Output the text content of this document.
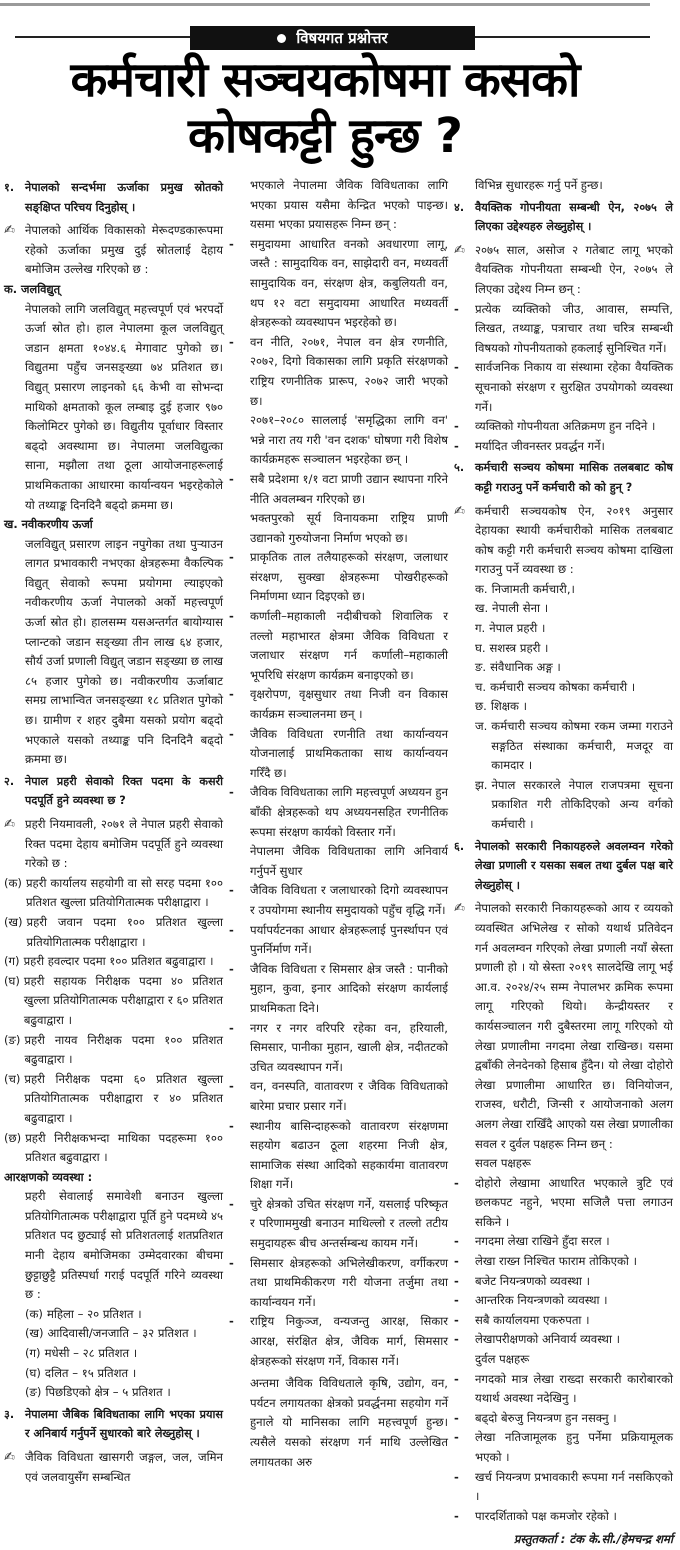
विषयगत प्रश्नोत्तर
कर्मचारी सञ्चयकोषमा कसको
कोषकट्टी हुन्छ ?
१. नेपालको सन्दर्भमा ऊर्जाका प्रमुख स्रोतको सङ्क्षिप्त परिचय दिनुहोस् ।
✍ नेपालको आर्थिक विकासको मेरूदण्डकारूपमा रहेको ऊर्जाका प्रमुख दुई स्रोतलाई देहाय बमोजिम उल्लेख गरिएको छ :

क. जलविद्युत्

नेपालको लागि जलविद्युत् महत्त्वपूर्ण एवं भरपर्दो ऊर्जा स्रोत हो। हाल नेपालमा कूल जलविद्युत् जडान क्षमता १०४४.६ मेगावाट पुगेको छ। विद्युतमा पहुँच जनसङ्ख्या ७४ प्रतिशत छ। विद्युत् प्रसारण लाइनको ६६ केभी वा सोभन्दा माथिको क्षमताको कूल लम्बाइ दुई हजार ९७० किलोमिटर पुगेको छ। विद्युतीय पूर्वाधार विस्तार बढ्दो अवस्थामा छ। नेपालमा जलविद्युत्का साना, मझौला तथा ठूला आयोजनाहरूलाई प्राथमिकताका आधारमा कार्यान्वयन भइरहेकोले यो तथ्याङ्क दिनदिनै बढ्दो क्रममा छ।

ख. नवीकरणीय ऊर्जा

जलविद्युत् प्रसारण लाइन नपुगेका तथा पुर्‍याउन लागत प्रभावकारी नभएका क्षेत्रहरूमा वैकल्पिक विद्युत् सेवाको रूपमा प्रयोगमा ल्याइएको नवीकरणीय ऊर्जा नेपालको अर्को महत्त्वपूर्ण ऊर्जा स्रोत हो। हालसम्म यसअन्तर्गत बायोग्यास प्लान्टको जडान सङ्ख्या तीन लाख ६४ हजार, सौर्य उर्जा प्रणाली विद्युत् जडान सङ्ख्या छ लाख ८५ हजार पुगेको छ। नवीकरणीय ऊर्जाबाट समग्र लाभान्वित जनसङ्ख्या १८ प्रतिशत पुगेको छ। ग्रामीण र शहर दुबैमा यसको प्रयोग बढ्दो भएकाले यसको तथ्याङ्क पनि दिनदिनै बढ्दो क्रममा छ।

२. नेपाल प्रहरी सेवाको रिक्त पदमा के कसरी पदपूर्ति हुने व्यवस्था छ ?
✍ प्रहरी नियमावली, २०७१ ले नेपाल प्रहरी सेवाको रिक्त पदमा देहाय बमोजिम पदपूर्ति हुने व्यवस्था गरेको छ :

(क) प्रहरी कार्यालय सहयोगी वा सो सरह पदमा १०० प्रतिशत खुल्ला प्रतियोगितात्मक परीक्षाद्वारा ।
(ख) प्रहरी जवान पदमा १०० प्रतिशत खुल्ला प्रतियोगितात्मक परीक्षाद्वारा ।
(ग) प्रहरी हवल्दार पदमा १०० प्रतिशत बढुवाद्वारा ।
(घ) प्रहरी सहायक निरीक्षक पदमा ४० प्रतिशत खुल्ला प्रतियोगितात्मक परीक्षाद्वारा र ६० प्रतिशत बढुवाद्वारा ।
(ङ) प्रहरी नायव निरीक्षक पदमा १०० प्रतिशत बढुवाद्वारा ।
(च) प्रहरी निरीक्षक पदमा ६० प्रतिशत खुल्ला प्रतियोगितात्मक परीक्षाद्वारा र ४० प्रतिशत बढुवाद्वारा ।
(छ) प्रहरी निरीक्षकभन्दा माथिका पदहरूमा १०० प्रतिशत बढुवाद्वारा ।
आरक्षणको व्यवस्था :

प्रहरी सेवालाई समावेशी बनाउन खुल्ला प्रतियोगितात्मक परीक्षाद्वारा पूर्ति हुने पदमध्ये ४५ प्रतिशत पद छुट्याई सो प्रतिशतलाई शतप्रतिशत मानी देहाय बमोजिमका उम्मेदवारका बीचमा छुट्टाछुट्टै प्रतिस्पर्धा गराई पदपूर्ति गरिने व्यवस्था छ :

(क) महिला – २० प्रतिशत ।
(ख) आदिवासी/जनजाति – ३२ प्रतिशत ।
(ग) मधेसी – २८ प्रतिशत ।
(घ) दलित – १५ प्रतिशत ।
(ङ) पिछडिएको क्षेत्र – ५ प्रतिशत ।
३. नेपालमा जैबिक बिविधताका लागि भएका प्रयास र अनिबार्य गर्नुपर्ने सुधारको बारे लेख्नुहोस् ।
✍ जैविक विविधता खासगरी जङ्गल, जल, जमिन एवं जलवायुसँग सम्बन्धित

भएकाले नेपालमा जैविक विविधताका लागि भएका प्रयास यसैमा केन्द्रित भएको पाइन्छ। यसमा भएका प्रयासहरू निम्न छन् :

-	समुदायमा आधारित वनको अवधारणा लागू, जस्तै : सामुदायिक वन, साझेदारी वन, मध्यवर्ती सामुदायिक वन, संरक्षण क्षेत्र, कबुलियती वन, थप १२ वटा समुदायमा आधारित मध्यवर्ती क्षेत्रहरूको व्यवस्थापन भइरहेको छ।
-	वन नीति, २०७१, नेपाल वन क्षेत्र रणनीति, २०७२, दिगो विकासका लागि प्रकृति संरक्षणको राष्ट्रिय रणनीतिक प्रारूप, २०७२ जारी भएको छ।

२०७१–२०८० साललाई 'समृद्धिका लागि वन' भन्ने नारा तय गरी 'वन दशक' घोषणा गरी विशेष कार्यक्रमहरू सञ्चालन भइरहेका छन् ।

-	सबै प्रदेशमा १/१ वटा प्राणी उद्यान स्थापना गरिने नीति अवलम्बन गरिएको छ।

भक्तपुरको सूर्य विनायकमा राष्ट्रिय प्राणी उद्यानको गुरुयोजना निर्माण भएको छ।

-	प्राकृतिक ताल तलैयाहरूको संरक्षण, जलाधार संरक्षण, सुक्खा क्षेत्रहरूमा पोखरीहरूको निर्माणमा ध्यान दिइएको छ।
-	कर्णाली–महाकाली नदीबीचको शिवालिक र तल्लो महाभारत क्षेत्रमा जैविक विविधता र जलाधार संरक्षण गर्न कर्णाली–महाकाली भूपरिधि संरक्षण कार्यक्रम बनाइएको छ।
-	वृक्षरोपण, वृक्षसुधार तथा निजी वन विकास कार्यक्रम सञ्चालनमा छन् ।
-	जैविक विविधता रणनीति तथा कार्यान्वयन योजनालाई प्राथमिकताका साथ कार्यान्वयन गरिँदै छ।
-	जैविक विविधताका लागि महत्त्वपूर्ण अध्ययन हुन बाँकी क्षेत्रहरूको थप अध्ययनसहित रणनीतिक रूपमा संरक्षण कार्यको विस्तार गर्ने।

नेपालमा जैविक विविधताका लागि अनिवार्य गर्नुपर्ने सुधार

-	जैविक विविधता र जलाधारको दिगो व्यवस्थापन र उपयोगमा स्थानीय समुदायको पहुँच वृद्धि गर्ने।
-	पर्यापर्यटनका आधार क्षेत्रहरूलाई पुनर्स्थापन एवं पुनर्निर्माण गर्ने।
-	जैविक विविधता र सिमसार क्षेत्र जस्तै : पानीको मुहान, कुवा, इनार आदिको संरक्षण कार्यलाई प्राथमिकता दिने।
-	नगर र नगर वरिपरि रहेका वन, हरियाली, सिमसार, पानीका मुहान, खाली क्षेत्र, नदीतटको उचित व्यवस्थापन गर्ने।
-	वन, वनस्पति, वातावरण र जैविक विविधताको बारेमा प्रचार प्रसार गर्ने।
-	स्थानीय बासिन्दाहरूको वातावरण संरक्षणमा सहयोग बढाउन ठूला शहरमा निजी क्षेत्र, सामाजिक संस्था आदिको सहकार्यमा वातावरण शिक्षा गर्ने।
-	चुरे क्षेत्रको उचित संरक्षण गर्ने, यसलाई परिष्कृत र परिणाममुखी बनाउन माथिल्लो र तल्लो तटीय समुदायहरू बीच अन्तर्सम्बन्ध कायम गर्ने।
-	सिमसार क्षेत्रहरूको अभिलेखीकरण, वर्गीकरण तथा प्राथमिकीकरण गरी योजना तर्जुमा तथा कार्यान्वयन गर्ने।
-	राष्ट्रिय निकुञ्ज, वन्यजन्तु आरक्ष, सिकार आरक्ष, संरक्षित क्षेत्र, जैविक मार्ग, सिमसार क्षेत्रहरूको संरक्षण गर्ने, विकास गर्ने।

अन्तमा जैविक विविधताले कृषि, उद्योग, वन, पर्यटन लगायतका क्षेत्रको प्रवर्द्धनमा सहयोग गर्ने हुनाले यो मानिसका लागि महत्त्वपूर्ण हुन्छ। त्यसैले यसको संरक्षण गर्न माथि उल्लेखित लगायतका अरु

विभिन्न सुधारहरू गर्नु पर्ने हुन्छ।

४. वैयक्तिक गोपनीयता सम्बन्धी ऐन, २०७५ ले लिएका उद्देश्यहरु लेख्नुहोस् ।
✍ २०७५ साल, असोज २ गतेबाट लागू भएको वैयक्तिक गोपनीयता सम्बन्धी ऐन, २०७५ ले लिएका उद्देश्य निम्न छन् :

-	प्रत्येक व्यक्तिको जीउ, आवास, सम्पत्ति, लिखत, तथ्याङ्क, पत्राचार तथा चरित्र सम्बन्धी विषयको गोपनीयताको हकलाई सुनिश्चित गर्ने।
-	सार्वजनिक निकाय वा संस्थामा रहेका वैयक्तिक सूचनाको संरक्षण र सुरक्षित उपयोगको व्यवस्था गर्ने।
-	व्यक्तिको गोपनीयता अतिक्रमण हुन नदिने ।
-	मर्यादित जीवनस्तर प्रवर्द्धन गर्ने।
५. कर्मचारी सञ्चय कोषमा मासिक तलबबाट कोष कट्टी गराउनु पर्ने कर्मचारी को को हुन् ?
✍ कर्मचारी सञ्चयकोष ऐन, २०१९ अनुसार देहायका स्थायी कर्मचारीको मासिक तलबबाट कोष कट्टी गरी कर्मचारी सञ्चय कोषमा दाखिला गराउनु पर्ने व्यवस्था छ :

क. निजामती कर्मचारी,।
ख. नेपाली सेना ।
ग. नेपाल प्रहरी ।
घ. सशस्त्र प्रहरी ।
ङ. संवैधानिक अङ्ग ।
च. कर्मचारी सञ्चय कोषका कर्मचारी ।
छ. शिक्षक ।
ज. कर्मचारी सञ्चय कोषमा रकम जम्मा गराउने सङ्गठित संस्थाका कर्मचारी, मजदूर वा कामदार ।
झ. नेपाल सरकारले नेपाल राजपत्रमा सूचना प्रकाशित गरी तोकिदिएको अन्य वर्गको कर्मचारी ।
६. नेपालको सरकारी निकायहरुले अवलम्वन गरेको लेखा प्रणाली र यसका सबल तथा दुर्बल पक्ष बारे लेख्नुहोस् ।
✍ नेपालको सरकारी निकायहरूको आय र व्ययको व्यवस्थित अभिलेख र सोको यथार्थ प्रतिवेदन गर्न अवलम्वन गरिएको लेखा प्रणाली नयाँ स्रेस्ता प्रणाली हो । यो स्रेस्ता २०१९ सालदेखि लागू भई आ.व. २०२४/२५ सम्म नेपालभर क्रमिक रूपमा लागू गरिएको थियो। केन्द्रीयस्तर र कार्यसञ्चालन गरी दुबैस्तरमा लागू गरिएको यो लेखा प्रणालीमा नगदमा लेखा राखिन्छ। यसमा द्वबाँकी लेनदेनको हिसाब हुँदैन। यो लेखा दोहोरो लेखा प्रणालीमा आधारित छ। विनियोजन, राजस्व, धरौटी, जिन्सी र आयोजनाको अलग अलग लेखा राखिँदै आएको यस लेखा प्रणालीका सवल र दुर्वल पक्षहरू निम्न छन् :

सवल पक्षहरू

-	दोहोरो लेखामा आधारित भएकाले त्रुटि एवं छलकपट नहुने, भएमा सजिलै पत्ता लगाउन सकिने ।
-	नगदमा लेखा राखिने हुँदा सरल ।
-	लेखा राख्न निश्चित फाराम तोकिएको ।
-	बजेट नियन्त्रणको व्यवस्था ।
-	आन्तरिक नियन्त्रणको व्यवस्था ।
-	सबै कार्यालयमा एकरुपता ।
-	लेखापरीक्षणको अनिवार्य व्यवस्था ।

दुर्वल पक्षहरू

-	नगदको मात्र लेखा राख्दा सरकारी कारोबारको यथार्थ अवस्था नदेखिनु ।
-	बढ्दो बेरुजु नियन्त्रण हुन नसक्नु ।
-	लेखा नतिजामूलक हुनु पर्नेमा प्रक्रियामूलक भएको ।
-	खर्च नियन्त्रण प्रभावकारी रूपमा गर्न नसकिएको ।
-	पारदर्शिताको पक्ष कमजोर रहेको ।
प्रस्तुतकर्ता : टंक के.सी./हेमचन्द्र शर्मा
